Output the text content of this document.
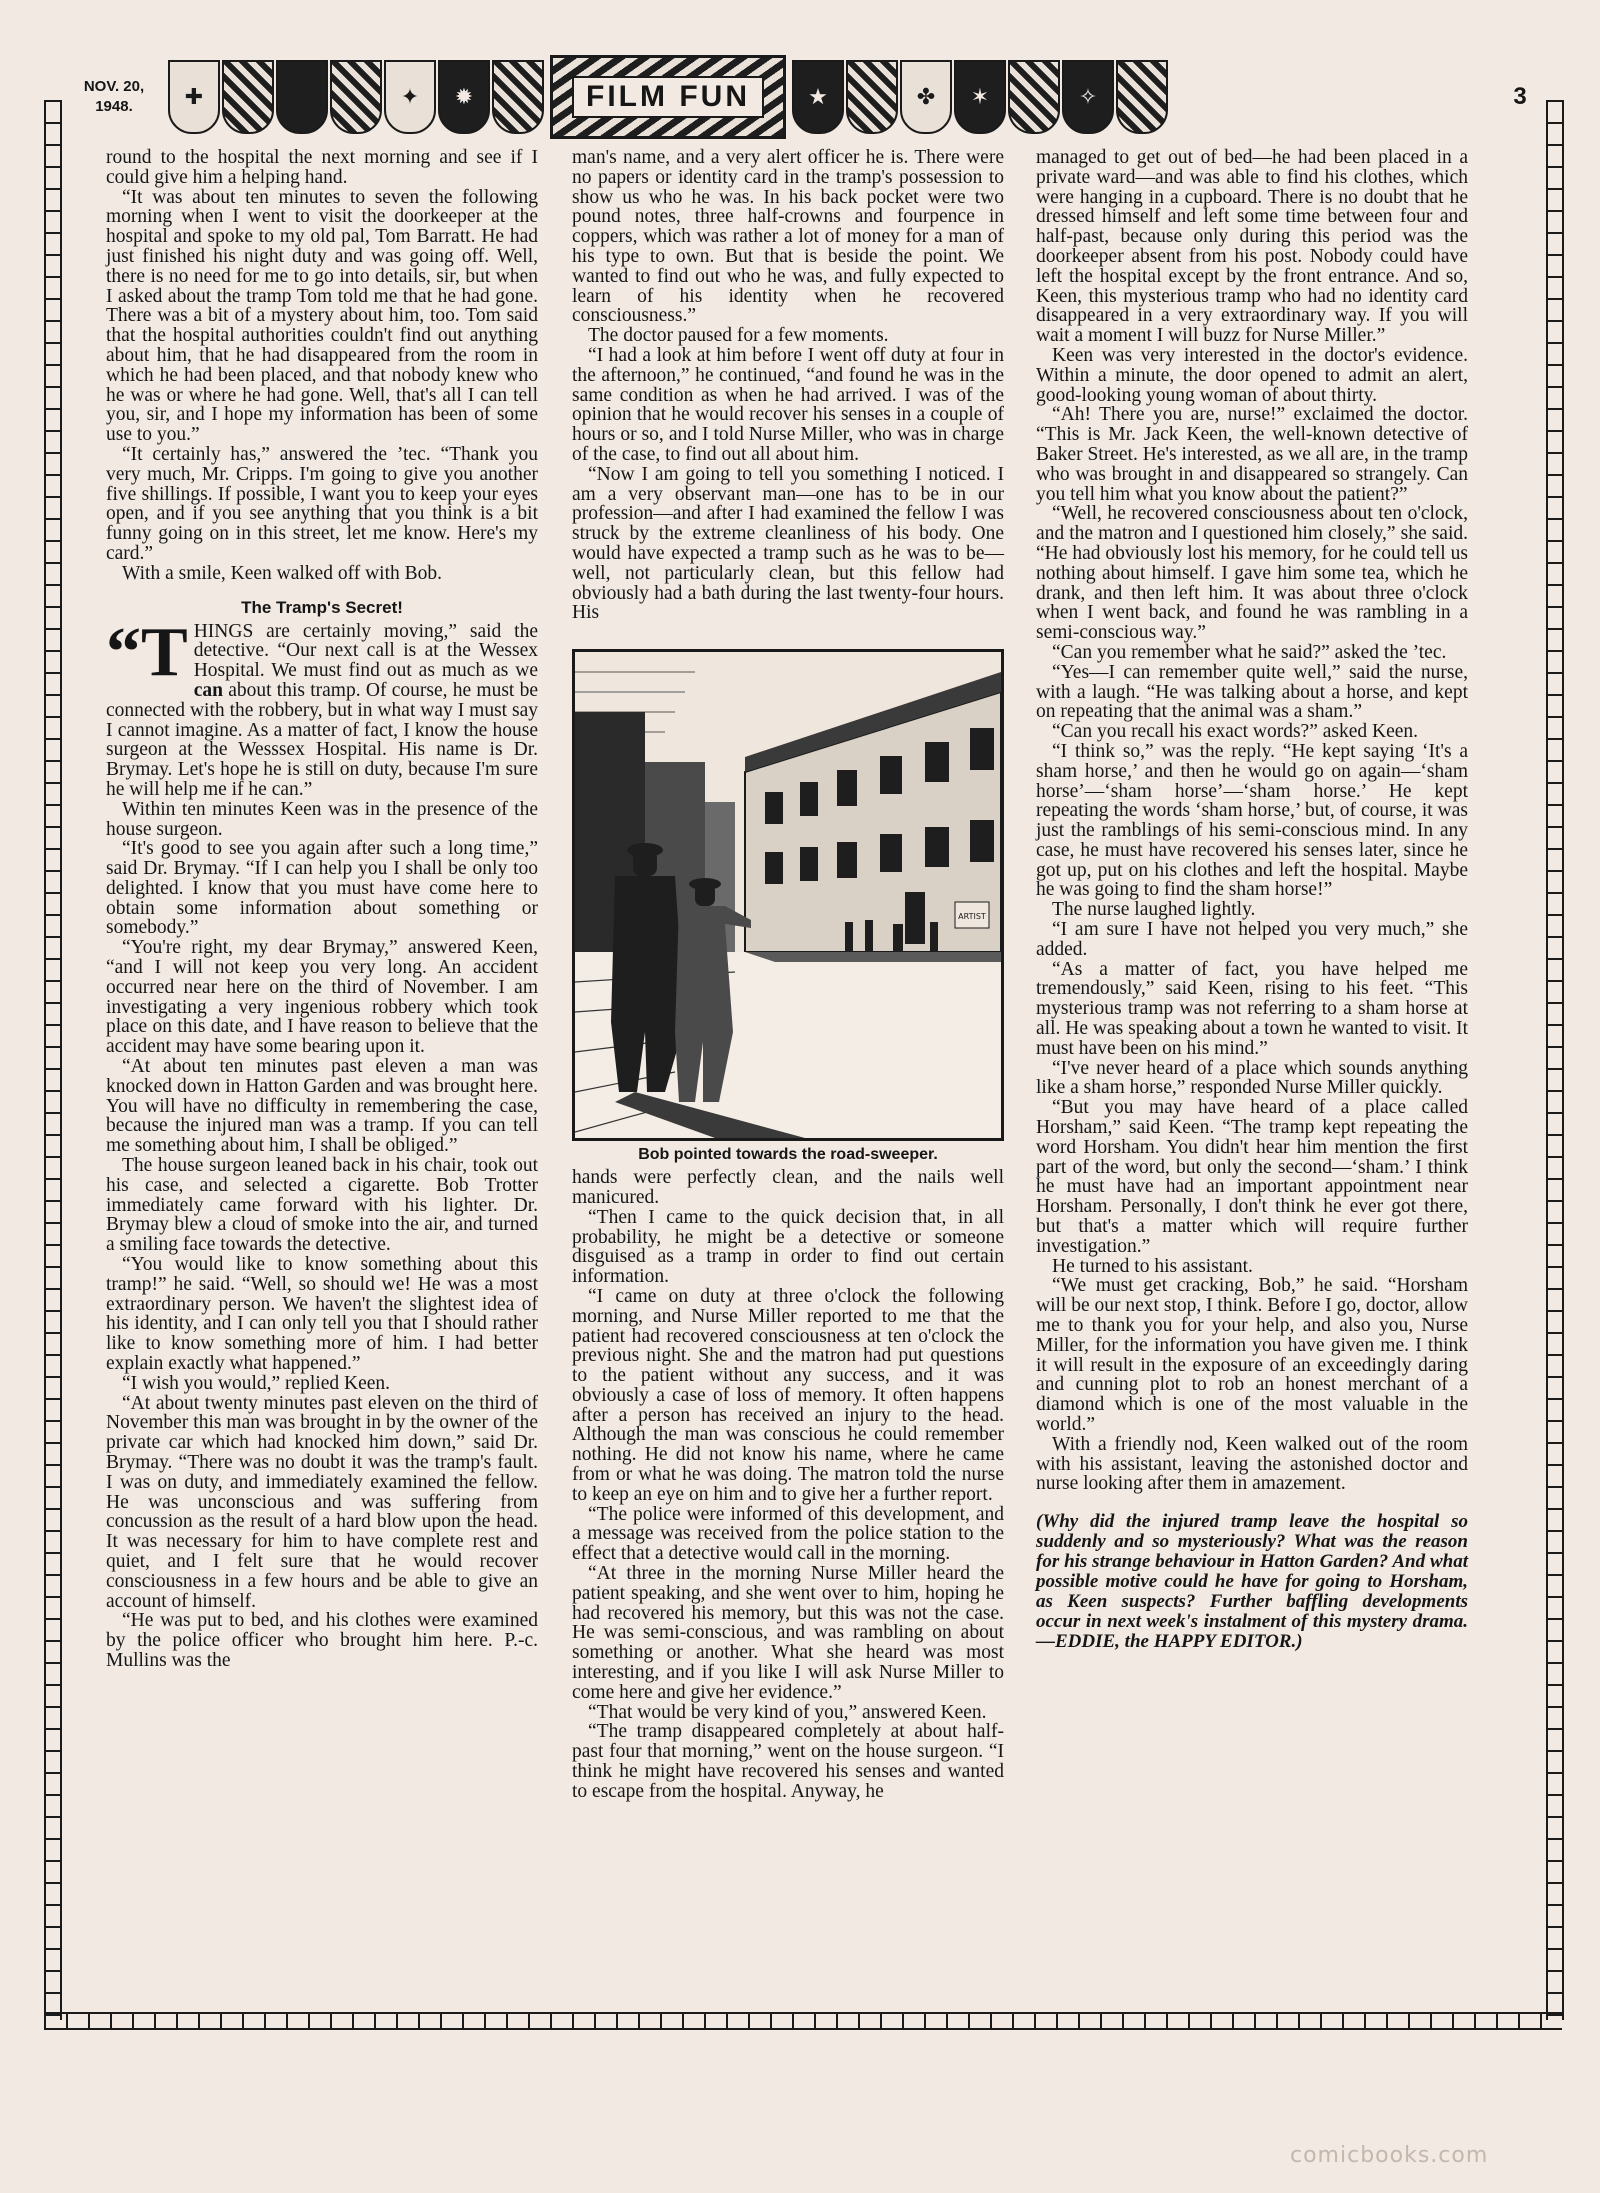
NOV. 20,
1948.	✚	✦	✹	FILM FUN	★	✤	✶	✧	3

round to the hospital the next morning and see if I could give him a helping hand.

“It was about ten minutes to seven the following morning when I went to visit the doorkeeper at the hospital and spoke to my old pal, Tom Barratt. He had just finished his night duty and was going off. Well, there is no need for me to go into details, sir, but when I asked about the tramp Tom told me that he had gone. There was a bit of a mystery about him, too. Tom said that the hospital authorities couldn't find out anything about him, that he had disappeared from the room in which he had been placed, and that nobody knew who he was or where he had gone. Well, that's all I can tell you, sir, and I hope my information has been of some use to you.”

“It certainly has,” answered the ’tec. “Thank you very much, Mr. Cripps. I'm going to give you another five shillings. If possible, I want you to keep your eyes open, and if you see anything that you think is a bit funny going on in this street, let me know. Here's my card.”

With a smile, Keen walked off with Bob.

The Tramp's Secret!

“THINGS are certainly moving,” said the detective. “Our next call is at the Wessex Hospital. We must find out as much as we can about this tramp. Of course, he must be connected with the robbery, but in what way I must say I cannot imagine. As a matter of fact, I know the house surgeon at the Wesssex Hospital. His name is Dr. Brymay. Let's hope he is still on duty, because I'm sure he will help me if he can.”

Within ten minutes Keen was in the presence of the house surgeon.

“It's good to see you again after such a long time,” said Dr. Brymay. “If I can help you I shall be only too delighted. I know that you must have come here to obtain some information about something or somebody.”

“You're right, my dear Brymay,” answered Keen, “and I will not keep you very long. An accident occurred near here on the third of November. I am investigating a very ingenious robbery which took place on this date, and I have reason to believe that the accident may have some bearing upon it.

“At about ten minutes past eleven a man was knocked down in Hatton Garden and was brought here. You will have no difficulty in remembering the case, because the injured man was a tramp. If you can tell me something about him, I shall be obliged.”

The house surgeon leaned back in his chair, took out his case, and selected a cigarette. Bob Trotter immediately came forward with his lighter. Dr. Brymay blew a cloud of smoke into the air, and turned a smiling face towards the detective.

“You would like to know something about this tramp!” he said. “Well, so should we! He was a most extraordinary person. We haven't the slightest idea of his identity, and I can only tell you that I should rather like to know something more of him. I had better explain exactly what happened.”

“I wish you would,” replied Keen.

“At about twenty minutes past eleven on the third of November this man was brought in by the owner of the private car which had knocked him down,” said Dr. Brymay. “There was no doubt it was the tramp's fault. I was on duty, and immediately examined the fellow. He was unconscious and was suffering from concussion as the result of a hard blow upon the head. It was necessary for him to have complete rest and quiet, and I felt sure that he would recover consciousness in a few hours and be able to give an account of himself.

“He was put to bed, and his clothes were examined by the police officer who brought him here. P.-c. Mullins was the

man's name, and a very alert officer he is. There were no papers or identity card in the tramp's possession to show us who he was. In his back pocket were two pound notes, three half-crowns and fourpence in coppers, which was rather a lot of money for a man of his type to own. But that is beside the point. We wanted to find out who he was, and fully expected to learn of his identity when he recovered consciousness.”

The doctor paused for a few moments.

“I had a look at him before I went off duty at four in the afternoon,” he continued, “and found he was in the same condition as when he had arrived. I was of the opinion that he would recover his senses in a couple of hours or so, and I told Nurse Miller, who was in charge of the case, to find out all about him.

“Now I am going to tell you something I noticed. I am a very observant man—one has to be in our profession—and after I had examined the fellow I was struck by the extreme cleanliness of his body. One would have expected a tramp such as he was to be—well, not particularly clean, but this fellow had obviously had a bath during the last twenty-four hours. His

ARTIST
Bob pointed towards the road-sweeper.

hands were perfectly clean, and the nails well manicured.

“Then I came to the quick decision that, in all probability, he might be a detective or someone disguised as a tramp in order to find out certain information.

“I came on duty at three o'clock the following morning, and Nurse Miller reported to me that the patient had recovered consciousness at ten o'clock the previous night. She and the matron had put questions to the patient without any success, and it was obviously a case of loss of memory. It often happens after a person has received an injury to the head. Although the man was conscious he could remember nothing. He did not know his name, where he came from or what he was doing. The matron told the nurse to keep an eye on him and to give her a further report.

“The police were informed of this development, and a message was received from the police station to the effect that a detective would call in the morning.

“At three in the morning Nurse Miller heard the patient speaking, and she went over to him, hoping he had recovered his memory, but this was not the case. He was semi-conscious, and was rambling on about something or another. What she heard was most interesting, and if you like I will ask Nurse Miller to come here and give her evidence.”

“That would be very kind of you,” answered Keen.

“The tramp disappeared completely at about half-past four that morning,” went on the house surgeon. “I think he might have recovered his senses and wanted to escape from the hospital. Anyway, he

managed to get out of bed—he had been placed in a private ward—and was able to find his clothes, which were hanging in a cupboard. There is no doubt that he dressed himself and left some time between four and half-past, because only during this period was the doorkeeper absent from his post. Nobody could have left the hospital except by the front entrance. And so, Keen, this mysterious tramp who had no identity card disappeared in a very extraordinary way. If you will wait a moment I will buzz for Nurse Miller.”

Keen was very interested in the doctor's evidence. Within a minute, the door opened to admit an alert, good-looking young woman of about thirty.

“Ah! There you are, nurse!” exclaimed the doctor. “This is Mr. Jack Keen, the well-known detective of Baker Street. He's interested, as we all are, in the tramp who was brought in and disappeared so strangely. Can you tell him what you know about the patient?”

“Well, he recovered consciousness about ten o'clock, and the matron and I questioned him closely,” she said. “He had obviously lost his memory, for he could tell us nothing about himself. I gave him some tea, which he drank, and then left him. It was about three o'clock when I went back, and found he was rambling in a semi-conscious way.”

“Can you remember what he said?” asked the ’tec.

“Yes—I can remember quite well,” said the nurse, with a laugh. “He was talking about a horse, and kept on repeating that the animal was a sham.”

“Can you recall his exact words?” asked Keen.

“I think so,” was the reply. “He kept saying ‘It's a sham horse,’ and then he would go on again—‘sham horse’—‘sham horse’—‘sham horse.’ He kept repeating the words ‘sham horse,’ but, of course, it was just the ramblings of his semi-conscious mind. In any case, he must have recovered his senses later, since he got up, put on his clothes and left the hospital. Maybe he was going to find the sham horse!”

The nurse laughed lightly.

“I am sure I have not helped you very much,” she added.

“As a matter of fact, you have helped me tremendously,” said Keen, rising to his feet. “This mysterious tramp was not referring to a sham horse at all. He was speaking about a town he wanted to visit. It must have been on his mind.”

“I've never heard of a place which sounds anything like a sham horse,” responded Nurse Miller quickly.

“But you may have heard of a place called Horsham,” said Keen. “The tramp kept repeating the word Horsham. You didn't hear him mention the first part of the word, but only the second—‘sham.’ I think he must have had an important appointment near Horsham. Personally, I don't think he ever got there, but that's a matter which will require further investigation.”

He turned to his assistant.

“We must get cracking, Bob,” he said. “Horsham will be our next stop, I think. Before I go, doctor, allow me to thank you for your help, and also you, Nurse Miller, for the information you have given me. I think it will result in the exposure of an exceedingly daring and cunning plot to rob an honest merchant of a diamond which is one of the most valuable in the world.”

With a friendly nod, Keen walked out of the room with his assistant, leaving the astonished doctor and nurse looking after them in amazement.

(Why did the injured tramp leave the hospital so suddenly and so mysteriously? What was the reason for his strange behaviour in Hatton Garden? And what possible motive could he have for going to Horsham, as Keen suspects? Further baffling developments occur in next week's instalment of this mystery drama.—EDDIE, the HAPPY EDITOR.)
comicbooks.com
